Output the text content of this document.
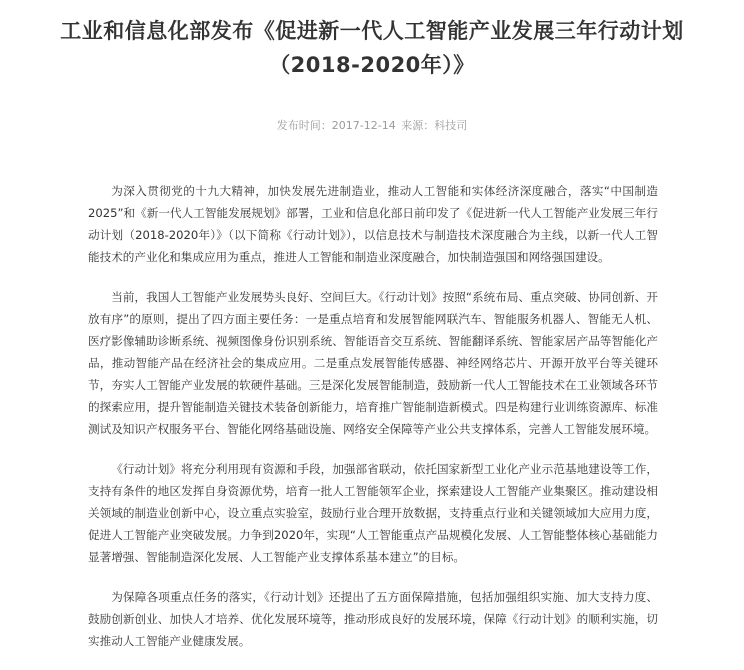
工业和信息化部发布《促进新一代人工智能产业发展三年行动计划
（2018-2020年）》
发布时间：2017-12-14 来源：科技司

为深入贯彻党的十九大精神，加快发展先进制造业，推动人工智能和实体经济深度融合，落实“中国制造2025”和《新一代人工智能发展规划》部署，工业和信息化部日前印发了《促进新一代人工智能产业发展三年行动计划（2018-2020年）》（以下简称《行动计划》），以信息技术与制造技术深度融合为主线，以新一代人工智能技术的产业化和集成应用为重点，推进人工智能和制造业深度融合，加快制造强国和网络强国建设。

当前，我国人工智能产业发展势头良好、空间巨大。《行动计划》按照“系统布局、重点突破、协同创新、开放有序”的原则，提出了四方面主要任务：一是重点培育和发展智能网联汽车、智能服务机器人、智能无人机、医疗影像辅助诊断系统、视频图像身份识别系统、智能语音交互系统、智能翻译系统、智能家居产品等智能化产品，推动智能产品在经济社会的集成应用。二是重点发展智能传感器、神经网络芯片、开源开放平台等关键环节，夯实人工智能产业发展的软硬件基础。三是深化发展智能制造，鼓励新一代人工智能技术在工业领域各环节的探索应用，提升智能制造关键技术装备创新能力，培育推广智能制造新模式。四是构建行业训练资源库、标准测试及知识产权服务平台、智能化网络基础设施、网络安全保障等产业公共支撑体系，完善人工智能发展环境。

《行动计划》将充分利用现有资源和手段，加强部省联动，依托国家新型工业化产业示范基地建设等工作，支持有条件的地区发挥自身资源优势，培育一批人工智能领军企业，探索建设人工智能产业集聚区。推动建设相关领域的制造业创新中心，设立重点实验室，鼓励行业合理开放数据，支持重点行业和关键领域加大应用力度，促进人工智能产业突破发展。力争到2020年，实现“人工智能重点产品规模化发展、人工智能整体核心基础能力显著增强、智能制造深化发展、人工智能产业支撑体系基本建立”的目标。

为保障各项重点任务的落实，《行动计划》还提出了五方面保障措施，包括加强组织实施、加大支持力度、鼓励创新创业、加快人才培养、优化发展环境等，推动形成良好的发展环境，保障《行动计划》的顺利实施，切实推动人工智能产业健康发展。
